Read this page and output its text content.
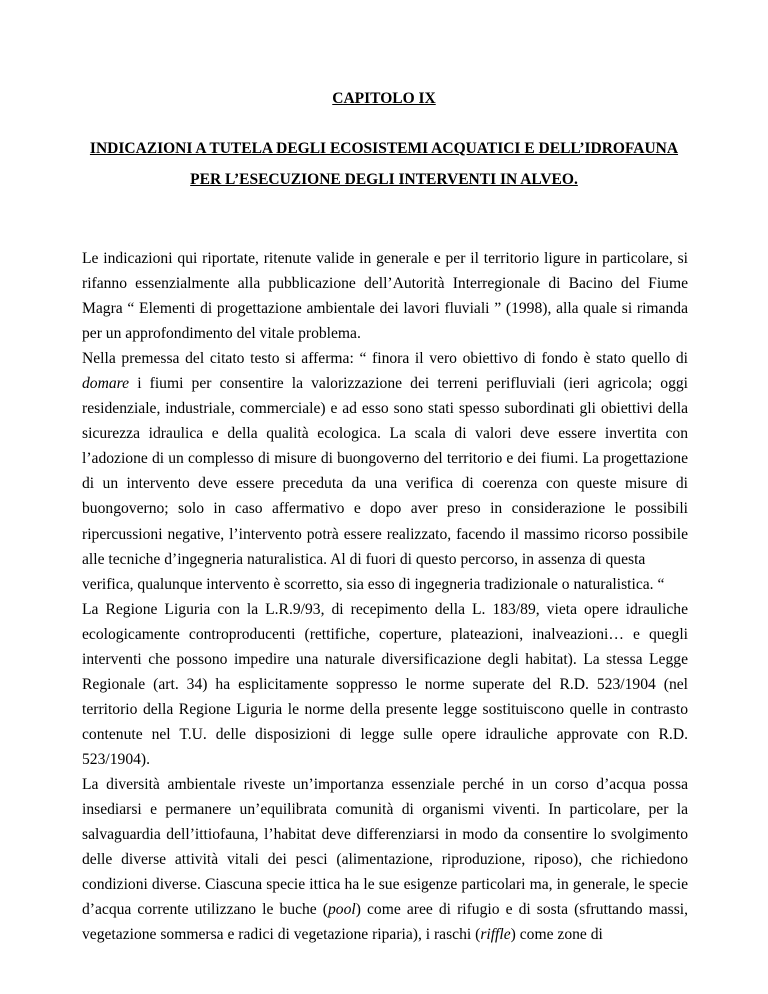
CAPITOLO IX
INDICAZIONI A TUTELA DEGLI ECOSISTEMI ACQUATICI E DELL’IDROFAUNA
PER L’ESECUZIONE DEGLI INTERVENTI IN ALVEO.

Le indicazioni qui riportate, ritenute valide in generale e per il territorio ligure in particolare, si rifanno essenzialmente alla pubblicazione dell’Autorità Interregionale di Bacino del Fiume Magra “ Elementi di progettazione ambientale dei lavori fluviali ” (1998), alla quale si rimanda per un approfondimento del vitale problema.

Nella premessa del citato testo si afferma: “ finora il vero obiettivo di fondo è stato quello di domare i fiumi per consentire la valorizzazione dei terreni perifluviali (ieri agricola; oggi residenziale, industriale, commerciale) e ad esso sono stati spesso subordinati gli obiettivi della sicurezza idraulica e della qualità ecologica. La scala di valori deve essere invertita con l’adozione di un complesso di misure di buongoverno del territorio e dei fiumi. La progettazione di un intervento deve essere preceduta da una verifica di coerenza con queste misure di buongoverno; solo in caso affermativo e dopo aver preso in considerazione le possibili ripercussioni negative, l’intervento potrà essere realizzato, facendo il massimo ricorso possibile alle tecniche d’ingegneria naturalistica. Al di fuori di questo percorso, in assenza di questa

verifica, qualunque intervento è scorretto, sia esso di ingegneria tradizionale o naturalistica. “

La Regione Liguria con la L.R.9/93, di recepimento della L. 183/89, vieta opere idrauliche ecologicamente controproducenti (rettifiche, coperture, plateazioni, inalveazioni… e quegli interventi che possono impedire una naturale diversificazione degli habitat). La stessa Legge Regionale (art. 34) ha esplicitamente soppresso le norme superate del R.D. 523/1904 (nel territorio della Regione Liguria le norme della presente legge sostituiscono quelle in contrasto contenute nel T.U. delle disposizioni di legge sulle opere idrauliche approvate con R.D. 523/1904).

La diversità ambientale riveste un’importanza essenziale perché in un corso d’acqua possa insediarsi e permanere un’equilibrata comunità di organismi viventi. In particolare, per la salvaguardia dell’ittiofauna, l’habitat deve differenziarsi in modo da consentire lo svolgimento delle diverse attività vitali dei pesci (alimentazione, riproduzione, riposo), che richiedono condizioni diverse. Ciascuna specie ittica ha le sue esigenze particolari ma, in generale, le specie d’acqua corrente utilizzano le buche (pool) come aree di rifugio e di sosta (sfruttando massi, vegetazione sommersa e radici di vegetazione riparia), i raschi (riffle) come zone di
